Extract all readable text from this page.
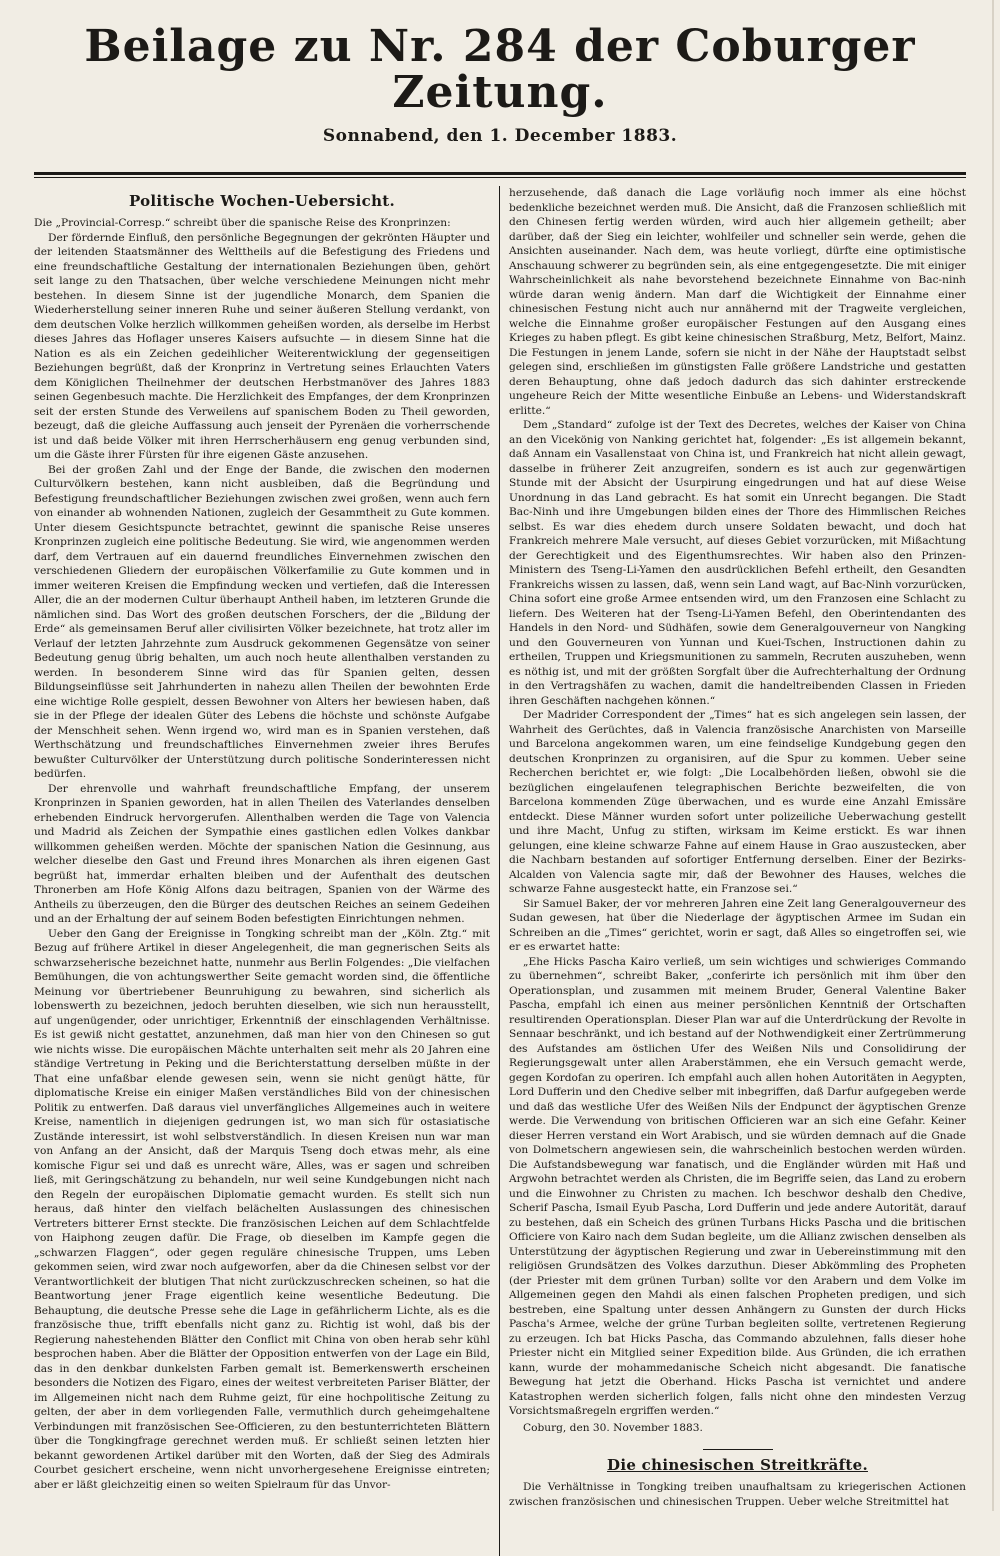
Beilage zu Nr. 284 der Coburger Zeitung.
Sonnabend, den 1. December 1883.
Politische Wochen-Uebersicht.

Die „Provincial-Corresp.“ schreibt über die spanische Reise des Kronprinzen:

Der fördernde Einfluß, den persönliche Begegnungen der gekrönten Häupter und der leitenden Staatsmänner des Welttheils auf die Befestigung des Friedens und eine freundschaftliche Gestaltung der internationalen Beziehungen üben, gehört seit lange zu den Thatsachen, über welche verschiedene Meinungen nicht mehr bestehen. In diesem Sinne ist der jugendliche Monarch, dem Spanien die Wiederherstellung seiner inneren Ruhe und seiner äußeren Stellung verdankt, von dem deutschen Volke herzlich willkommen geheißen worden, als derselbe im Herbst dieses Jahres das Hoflager unseres Kaisers aufsuchte — in diesem Sinne hat die Nation es als ein Zeichen gedeihlicher Weiterentwicklung der gegenseitigen Beziehungen begrüßt, daß der Kronprinz in Vertretung seines Erlauchten Vaters dem Königlichen Theilnehmer der deutschen Herbstmanöver des Jahres 1883 seinen Gegenbesuch machte. Die Herzlichkeit des Empfanges, der dem Kronprinzen seit der ersten Stunde des Verweilens auf spanischem Boden zu Theil geworden, bezeugt, daß die gleiche Auffassung auch jenseit der Pyrenäen die vorherrschende ist und daß beide Völker mit ihren Herrscherhäusern eng genug verbunden sind, um die Gäste ihrer Fürsten für ihre eigenen Gäste anzusehen.

Bei der großen Zahl und der Enge der Bande, die zwischen den modernen Culturvölkern bestehen, kann nicht ausbleiben, daß die Begründung und Befestigung freundschaftlicher Beziehungen zwischen zwei großen, wenn auch fern von einander ab wohnenden Nationen, zugleich der Gesammtheit zu Gute kommen. Unter diesem Gesichtspuncte betrachtet, gewinnt die spanische Reise unseres Kronprinzen zugleich eine politische Bedeutung. Sie wird, wie angenommen werden darf, dem Vertrauen auf ein dauernd freundliches Einvernehmen zwischen den verschiedenen Gliedern der europäischen Völkerfamilie zu Gute kommen und in immer weiteren Kreisen die Empfindung wecken und vertiefen, daß die Interessen Aller, die an der modernen Cultur überhaupt Antheil haben, im letzteren Grunde die nämlichen sind. Das Wort des großen deutschen Forschers, der die „Bildung der Erde“ als gemeinsamen Beruf aller civilisirten Völker bezeichnete, hat trotz aller im Verlauf der letzten Jahrzehnte zum Ausdruck gekommenen Gegensätze von seiner Bedeutung genug übrig behalten, um auch noch heute allenthalben verstanden zu werden. In besonderem Sinne wird das für Spanien gelten, dessen Bildungseinflüsse seit Jahrhunderten in nahezu allen Theilen der bewohnten Erde eine wichtige Rolle gespielt, dessen Bewohner von Alters her bewiesen haben, daß sie in der Pflege der idealen Güter des Lebens die höchste und schönste Aufgabe der Menschheit sehen. Wenn irgend wo, wird man es in Spanien verstehen, daß Werthschätzung und freundschaftliches Einvernehmen zweier ihres Berufes bewußter Culturvölker der Unterstützung durch politische Sonderinteressen nicht bedürfen.

Der ehrenvolle und wahrhaft freundschaftliche Empfang, der unserem Kronprinzen in Spanien geworden, hat in allen Theilen des Vaterlandes denselben erhebenden Eindruck hervorgerufen. Allenthalben werden die Tage von Valencia und Madrid als Zeichen der Sympathie eines gastlichen edlen Volkes dankbar willkommen geheißen werden. Möchte der spanischen Nation die Gesinnung, aus welcher dieselbe den Gast und Freund ihres Monarchen als ihren eigenen Gast begrüßt hat, immerdar erhalten bleiben und der Aufenthalt des deutschen Thronerben am Hofe König Alfons dazu beitragen, Spanien von der Wärme des Antheils zu überzeugen, den die Bürger des deutschen Reiches an seinem Gedeihen und an der Erhaltung der auf seinem Boden befestigten Einrichtungen nehmen.

Ueber den Gang der Ereignisse in Tongking schreibt man der „Köln. Ztg.“ mit Bezug auf frühere Artikel in dieser Angelegenheit, die man gegnerischen Seits als schwarzseherische bezeichnet hatte, nunmehr aus Berlin Folgendes: „Die vielfachen Bemühungen, die von achtungswerther Seite gemacht worden sind, die öffentliche Meinung vor übertriebener Beunruhigung zu bewahren, sind sicherlich als lobenswerth zu bezeichnen, jedoch beruhten dieselben, wie sich nun herausstellt, auf ungenügender, oder unrichtiger, Erkenntniß der einschlagenden Verhältnisse. Es ist gewiß nicht gestattet, anzunehmen, daß man hier von den Chinesen so gut wie nichts wisse. Die europäischen Mächte unterhalten seit mehr als 20 Jahren eine ständige Vertretung in Peking und die Berichterstattung derselben müßte in der That eine unfaßbar elende gewesen sein, wenn sie nicht genügt hätte, für diplomatische Kreise ein einiger Maßen verständliches Bild von der chinesischen Politik zu entwerfen. Daß daraus viel unverfängliches Allgemeines auch in weitere Kreise, namentlich in diejenigen gedrungen ist, wo man sich für ostasiatische Zustände interessirt, ist wohl selbstverständlich. In diesen Kreisen nun war man von Anfang an der Ansicht, daß der Marquis Tseng doch etwas mehr, als eine komische Figur sei und daß es unrecht wäre, Alles, was er sagen und schreiben ließ, mit Geringschätzung zu behandeln, nur weil seine Kundgebungen nicht nach den Regeln der europäischen Diplomatie gemacht wurden. Es stellt sich nun heraus, daß hinter den vielfach belächelten Auslassungen des chinesischen Vertreters bitterer Ernst steckte. Die französischen Leichen auf dem Schlachtfelde von Haiphong zeugen dafür. Die Frage, ob dieselben im Kampfe gegen die „schwarzen Flaggen“, oder gegen reguläre chinesische Truppen, ums Leben gekommen seien, wird zwar noch aufgeworfen, aber da die Chinesen selbst vor der Verantwortlichkeit der blutigen That nicht zurückzuschrecken scheinen, so hat die Beantwortung jener Frage eigentlich keine wesentliche Bedeutung. Die Behauptung, die deutsche Presse sehe die Lage in gefährlicherm Lichte, als es die französische thue, trifft ebenfalls nicht ganz zu. Richtig ist wohl, daß bis der Regierung nahestehenden Blätter den Conflict mit China von oben herab sehr kühl besprochen haben. Aber die Blätter der Opposition entwerfen von der Lage ein Bild, das in den denkbar dunkelsten Farben gemalt ist. Bemerkenswerth erscheinen besonders die Notizen des Figaro, eines der weitest verbreiteten Pariser Blätter, der im Allgemeinen nicht nach dem Ruhme geizt, für eine hochpolitische Zeitung zu gelten, der aber in dem vorliegenden Falle, vermuthlich durch geheimgehaltene Verbindungen mit französischen See-Officieren, zu den bestunterrichteten Blättern über die Tongkingfrage gerechnet werden muß. Er schließt seinen letzten hier bekannt gewordenen Artikel darüber mit den Worten, daß der Sieg des Admirals Courbet gesichert erscheine, wenn nicht unvorhergesehene Ereignisse eintreten; aber er läßt gleichzeitig einen so weiten Spielraum für das Unvor-

herzusehende, daß danach die Lage vorläufig noch immer als eine höchst bedenkliche bezeichnet werden muß. Die Ansicht, daß die Franzosen schließlich mit den Chinesen fertig werden würden, wird auch hier allgemein getheilt; aber darüber, daß der Sieg ein leichter, wohlfeiler und schneller sein werde, gehen die Ansichten auseinander. Nach dem, was heute vorliegt, dürfte eine optimistische Anschauung schwerer zu begründen sein, als eine entgegengesetzte. Die mit einiger Wahrscheinlichkeit als nahe bevorstehend bezeichnete Einnahme von Bac-ninh würde daran wenig ändern. Man darf die Wichtigkeit der Einnahme einer chinesischen Festung nicht auch nur annähernd mit der Tragweite vergleichen, welche die Einnahme großer europäischer Festungen auf den Ausgang eines Krieges zu haben pflegt. Es gibt keine chinesischen Straßburg, Metz, Belfort, Mainz. Die Festungen in jenem Lande, sofern sie nicht in der Nähe der Hauptstadt selbst gelegen sind, erschließen im günstigsten Falle größere Landstriche und gestatten deren Behauptung, ohne daß jedoch dadurch das sich dahinter erstreckende ungeheure Reich der Mitte wesentliche Einbuße an Lebens- und Widerstandskraft erlitte.“

Dem „Standard“ zufolge ist der Text des Decretes, welches der Kaiser von China an den Vicekönig von Nanking gerichtet hat, folgender: „Es ist allgemein bekannt, daß Annam ein Vasallenstaat von China ist, und Frankreich hat nicht allein gewagt, dasselbe in früherer Zeit anzugreifen, sondern es ist auch zur gegenwärtigen Stunde mit der Absicht der Usurpirung eingedrungen und hat auf diese Weise Unordnung in das Land gebracht. Es hat somit ein Unrecht begangen. Die Stadt Bac-Ninh und ihre Umgebungen bilden eines der Thore des Himmlischen Reiches selbst. Es war dies ehedem durch unsere Soldaten bewacht, und doch hat Frankreich mehrere Male versucht, auf dieses Gebiet vorzurücken, mit Mißachtung der Gerechtigkeit und des Eigenthumsrechtes. Wir haben also den Prinzen-Ministern des Tseng-Li-Yamen den ausdrücklichen Befehl ertheilt, den Gesandten Frankreichs wissen zu lassen, daß, wenn sein Land wagt, auf Bac-Ninh vorzurücken, China sofort eine große Armee entsenden wird, um den Franzosen eine Schlacht zu liefern. Des Weiteren hat der Tseng-Li-Yamen Befehl, den Oberintendanten des Handels in den Nord- und Südhäfen, sowie dem Generalgouverneur von Nangking und den Gouverneuren von Yunnan und Kuei-Tschen, Instructionen dahin zu ertheilen, Truppen und Kriegsmunitionen zu sammeln, Recruten auszuheben, wenn es nöthig ist, und mit der größten Sorgfalt über die Aufrechterhaltung der Ordnung in den Vertragshäfen zu wachen, damit die handeltreibenden Classen in Frieden ihren Geschäften nachgehen können.“

Der Madrider Correspondent der „Times“ hat es sich angelegen sein lassen, der Wahrheit des Gerüchtes, daß in Valencia französische Anarchisten von Marseille und Barcelona angekommen waren, um eine feindselige Kundgebung gegen den deutschen Kronprinzen zu organisiren, auf die Spur zu kommen. Ueber seine Recherchen berichtet er, wie folgt: „Die Localbehörden ließen, obwohl sie die bezüglichen eingelaufenen telegraphischen Berichte bezweifelten, die von Barcelona kommenden Züge überwachen, und es wurde eine Anzahl Emissäre entdeckt. Diese Männer wurden sofort unter polizeiliche Ueberwachung gestellt und ihre Macht, Unfug zu stiften, wirksam im Keime erstickt. Es war ihnen gelungen, eine kleine schwarze Fahne auf einem Hause in Grao auszustecken, aber die Nachbarn bestanden auf sofortiger Entfernung derselben. Einer der Bezirks-Alcalden von Valencia sagte mir, daß der Bewohner des Hauses, welches die schwarze Fahne ausgesteckt hatte, ein Franzose sei.“

Sir Samuel Baker, der vor mehreren Jahren eine Zeit lang Generalgouverneur des Sudan gewesen, hat über die Niederlage der ägyptischen Armee im Sudan ein Schreiben an die „Times“ gerichtet, worin er sagt, daß Alles so eingetroffen sei, wie er es erwartet hatte:

„Ehe Hicks Pascha Kairo verließ, um sein wichtiges und schwieriges Commando zu übernehmen“, schreibt Baker, „conferirte ich persönlich mit ihm über den Operationsplan, und zusammen mit meinem Bruder, General Valentine Baker Pascha, empfahl ich einen aus meiner persönlichen Kenntniß der Ortschaften resultirenden Operationsplan. Dieser Plan war auf die Unterdrückung der Revolte in Sennaar beschränkt, und ich bestand auf der Nothwendigkeit einer Zertrümmerung des Aufstandes am östlichen Ufer des Weißen Nils und Consolidirung der Regierungsgewalt unter allen Araberstämmen, ehe ein Versuch gemacht werde, gegen Kordofan zu operiren. Ich empfahl auch allen hohen Autoritäten in Aegypten, Lord Dufferin und den Chedive selber mit inbegriffen, daß Darfur aufgegeben werde und daß das westliche Ufer des Weißen Nils der Endpunct der ägyptischen Grenze werde. Die Verwendung von britischen Officieren war an sich eine Gefahr. Keiner dieser Herren verstand ein Wort Arabisch, und sie würden demnach auf die Gnade von Dolmetschern angewiesen sein, die wahrscheinlich bestochen werden würden. Die Aufstandsbewegung war fanatisch, und die Engländer würden mit Haß und Argwohn betrachtet werden als Christen, die im Begriffe seien, das Land zu erobern und die Einwohner zu Christen zu machen. Ich beschwor deshalb den Chedive, Scherif Pascha, Ismail Eyub Pascha, Lord Dufferin und jede andere Autorität, darauf zu bestehen, daß ein Scheich des grünen Turbans Hicks Pascha und die britischen Officiere von Kairo nach dem Sudan begleite, um die Allianz zwischen denselben als Unterstützung der ägyptischen Regierung und zwar in Uebereinstimmung mit den religiösen Grundsätzen des Volkes darzuthun. Dieser Abkömmling des Propheten (der Priester mit dem grünen Turban) sollte vor den Arabern und dem Volke im Allgemeinen gegen den Mahdi als einen falschen Propheten predigen, und sich bestreben, eine Spaltung unter dessen Anhängern zu Gunsten der durch Hicks Pascha's Armee, welche der grüne Turban begleiten sollte, vertretenen Regierung zu erzeugen. Ich bat Hicks Pascha, das Commando abzulehnen, falls dieser hohe Priester nicht ein Mitglied seiner Expedition bilde. Aus Gründen, die ich errathen kann, wurde der mohammedanische Scheich nicht abgesandt. Die fanatische Bewegung hat jetzt die Oberhand. Hicks Pascha ist vernichtet und andere Katastrophen werden sicherlich folgen, falls nicht ohne den mindesten Verzug Vorsichtsmaßregeln ergriffen werden.“

Coburg, den 30. November 1883.

Die chinesischen Streitkräfte.

Die Verhältnisse in Tongking treiben unaufhaltsam zu kriegerischen Actionen zwischen französischen und chinesischen Truppen. Ueber welche Streitmittel hat
